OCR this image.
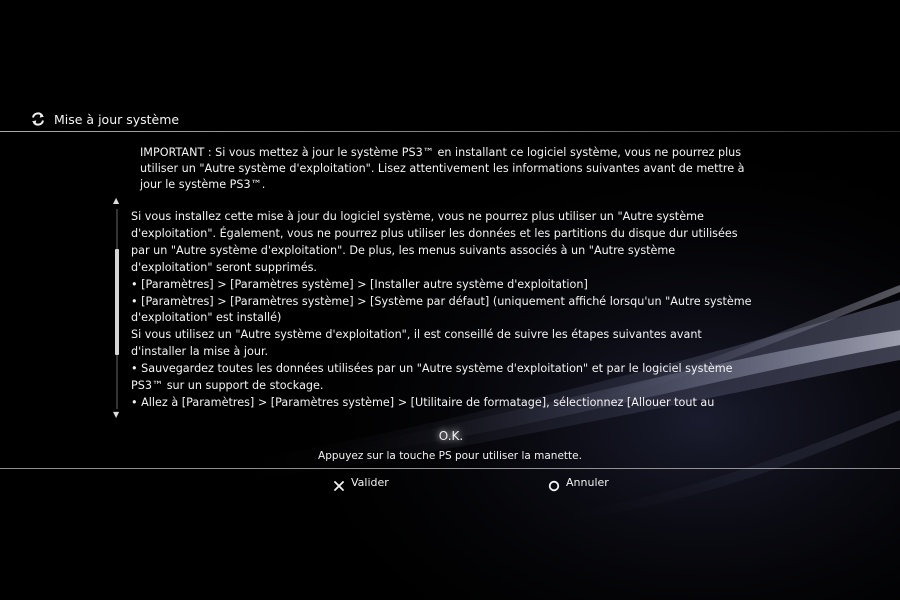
Mise à jour système
IMPORTANT : Si vous mettez à jour le système PS3™ en installant ce logiciel système, vous ne pourrez plus
utiliser un "Autre système d'exploitation". Lisez attentivement les informations suivantes avant de mettre à
jour le système PS3™.
▲
▼
Si vous installez cette mise à jour du logiciel système, vous ne pourrez plus utiliser un "Autre système
d'exploitation". Également, vous ne pourrez plus utiliser les données et les partitions du disque dur utilisées
par un "Autre système d'exploitation". De plus, les menus suivants associés à un "Autre système
d'exploitation" seront supprimés.
• [Paramètres] > [Paramètres système] > [Installer autre système d'exploitation]
• [Paramètres] > [Paramètres système] > [Système par défaut] (uniquement affiché lorsqu'un "Autre système
d'exploitation" est installé)
Si vous utilisez un "Autre système d'exploitation", il est conseillé de suivre les étapes suivantes avant
d'installer la mise à jour.
• Sauvegardez toutes les données utilisées par un "Autre système d'exploitation" et par le logiciel système
PS3™ sur un support de stockage.
• Allez à [Paramètres] > [Paramètres système] > [Utilitaire de formatage], sélectionnez [Allouer tout au
O.K.
Appuyez sur la touche PS pour utiliser la manette.
Valider	Annuler
